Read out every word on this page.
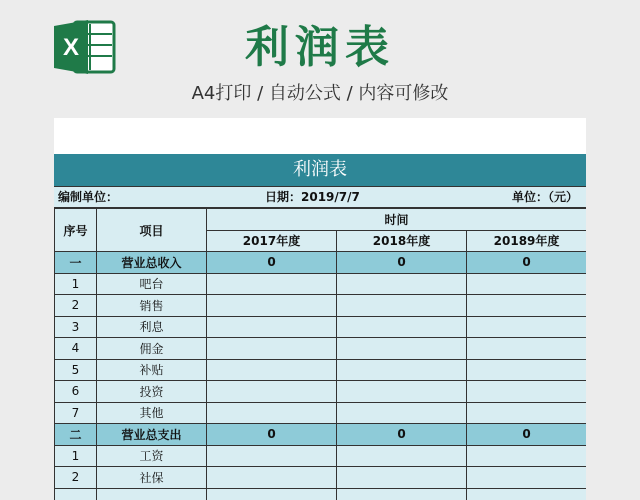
X	利润表
A4打印 / 自动公式 / 内容可修改
利润表
编制单位：	日期：2019/7/7	单位：（元）
序号	项目	时间		
		2017年度	2018年度	20189年度
一	营业总收入	0	0	0
1	吧台			
2	销售			
3	利息			
4	佣金			
5	补贴			
6	投资			
7	其他			
二	营业总支出	0	0	0
1	工资			
2	社保			
